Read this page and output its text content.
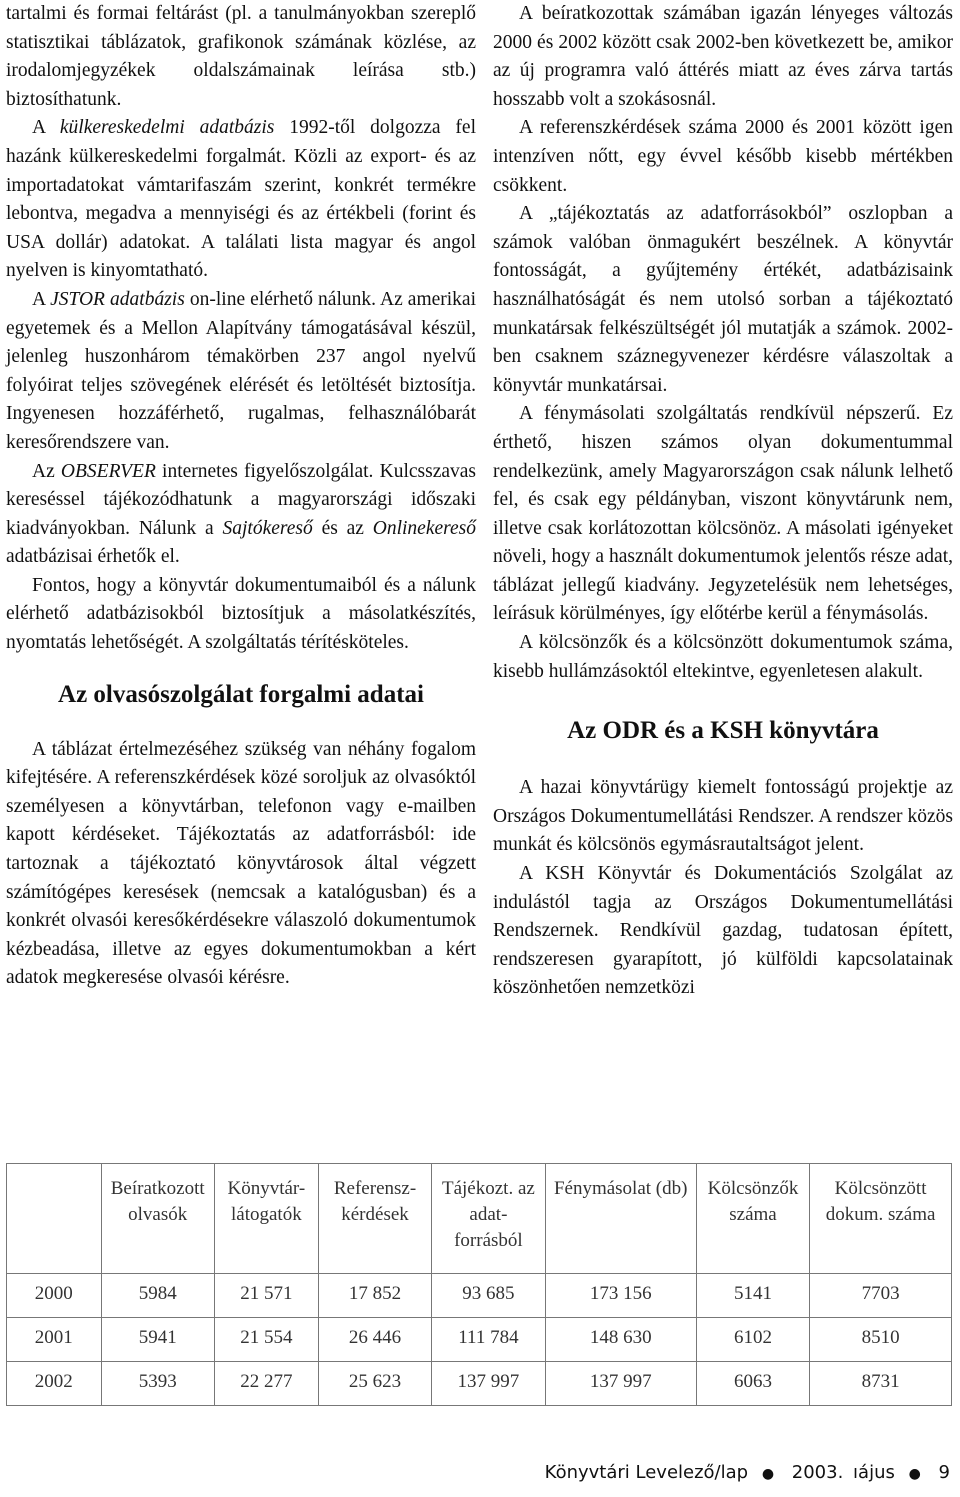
tartalmi és formai feltárást (pl. a tanulmányokban szereplő statisztikai táblázatok, grafikonok számának közlése, az irodalomjegyzékek oldalszámainak leírása stb.) biztosíthatunk.

A külkereskedelmi adatbázis 1992-től dolgozza fel hazánk külkereskedelmi forgalmát. Közli az export- és az importadatokat vámtarifaszám szerint, konkrét termékre lebontva, megadva a mennyiségi és az értékbeli (forint és USA dollár) adatokat. A találati lista magyar és angol nyelven is kinyomtatható.

A JSTOR adatbázis on-line elérhető nálunk. Az amerikai egyetemek és a Mellon Alapítvány támogatásával készül, jelenleg huszonhárom témakörben 237 angol nyelvű folyóirat teljes szövegének elérését és letöltését biztosítja. Ingyenesen hozzáférhető, rugalmas, felhasználóbarát keresőrendszere van.

Az OBSERVER internetes figyelőszolgálat. Kulcsszavas kereséssel tájékozódhatunk a magyarországi időszaki kiadványokban. Nálunk a Sajtókereső és az Onlinekereső adatbázisai érhetők el.

Fontos, hogy a könyvtár dokumentumaiból és a nálunk elérhető adatbázisokból biztosítjuk a másolatkészítés, nyomtatás lehetőségét. A szolgáltatás térítésköteles.

Az olvasószolgálat forgalmi adatai

A táblázat értelmezéséhez szükség van néhány fogalom kifejtésére. A referenszkérdések közé soroljuk az olvasóktól személyesen a könyvtárban, telefonon vagy e-mailben kapott kérdéseket. Tájékoztatás az adatforrásból: ide tartoznak a tájékoztató könyvtárosok által végzett számítógépes keresések (nemcsak a katalógusban) és a konkrét olvasói keresőkérdésekre válaszoló dokumentumok kézbeadása, illetve az egyes dokumentumokban a kért adatok megkeresése olvasói kérésre.

A beíratkozottak számában igazán lényeges változás 2000 és 2002 között csak 2002-ben következett be, amikor az új programra való áttérés miatt az éves zárva tartás hosszabb volt a szokásosnál.

A referenszkérdések száma 2000 és 2001 között igen intenzíven nőtt, egy évvel később kisebb mértékben csökkent.

A „tájékoztatás az adatforrásokból” oszlopban a számok valóban önmagukért beszélnek. A könyvtár fontosságát, a gyűjtemény értékét, adatbázisaink használhatóságát és nem utolsó sorban a tájékoztató munkatársak felkészültségét jól mutatják a számok. 2002-ben csaknem száznegyvenezer kérdésre válaszoltak a könyvtár munkatársai.

A fénymásolati szolgáltatás rendkívül népszerű. Ez érthető, hiszen számos olyan dokumentummal rendelkezünk, amely Magyarországon csak nálunk lelhető fel, és csak egy példányban, viszont könyvtárunk nem, illetve csak korlátozottan kölcsönöz. A másolati igényeket növeli, hogy a használt dokumentumok jelentős része adat, táblázat jellegű kiadvány. Jegyzetelésük nem lehetséges, leírásuk körülményes, így előtérbe kerül a fénymásolás.

A kölcsönzők és a kölcsönzött dokumentumok száma, kisebb hullámzásoktól eltekintve, egyenletesen alakult.

Az ODR és a KSH könyvtára

A hazai könyvtárügy kiemelt fontosságú projektje az Országos Dokumentumellátási Rendszer. A rendszer közös munkát és kölcsönös egymásrautaltságot jelent.

A KSH Könyvtár és Dokumentációs Szolgálat az indulástól tagja az Országos Dokumentumellátási Rendszernek. Rendkívül gazdag, tudatosan épített, rendszeresen gyarapított, jó külföldi kapcsolatainak köszönhetően nemzetközi

	Beíratkozott olvasók	Könyvtár-látogatók	Referensz-kérdések	Tájékozt. az adat-forrásból	Fénymásolat (db)	Kölcsönzők száma	Kölcsönzött dokum. száma
2000	5984	21 571	17 852	93 685	173 156	5141	7703
2001	5941	21 554	26 446	111 784	148 630	6102	8510
2002	5393	22 277	25 623	137 997	137 997	6063	8731
Könyvtári Levelező/lap ● 2003. ıájus ● 9
